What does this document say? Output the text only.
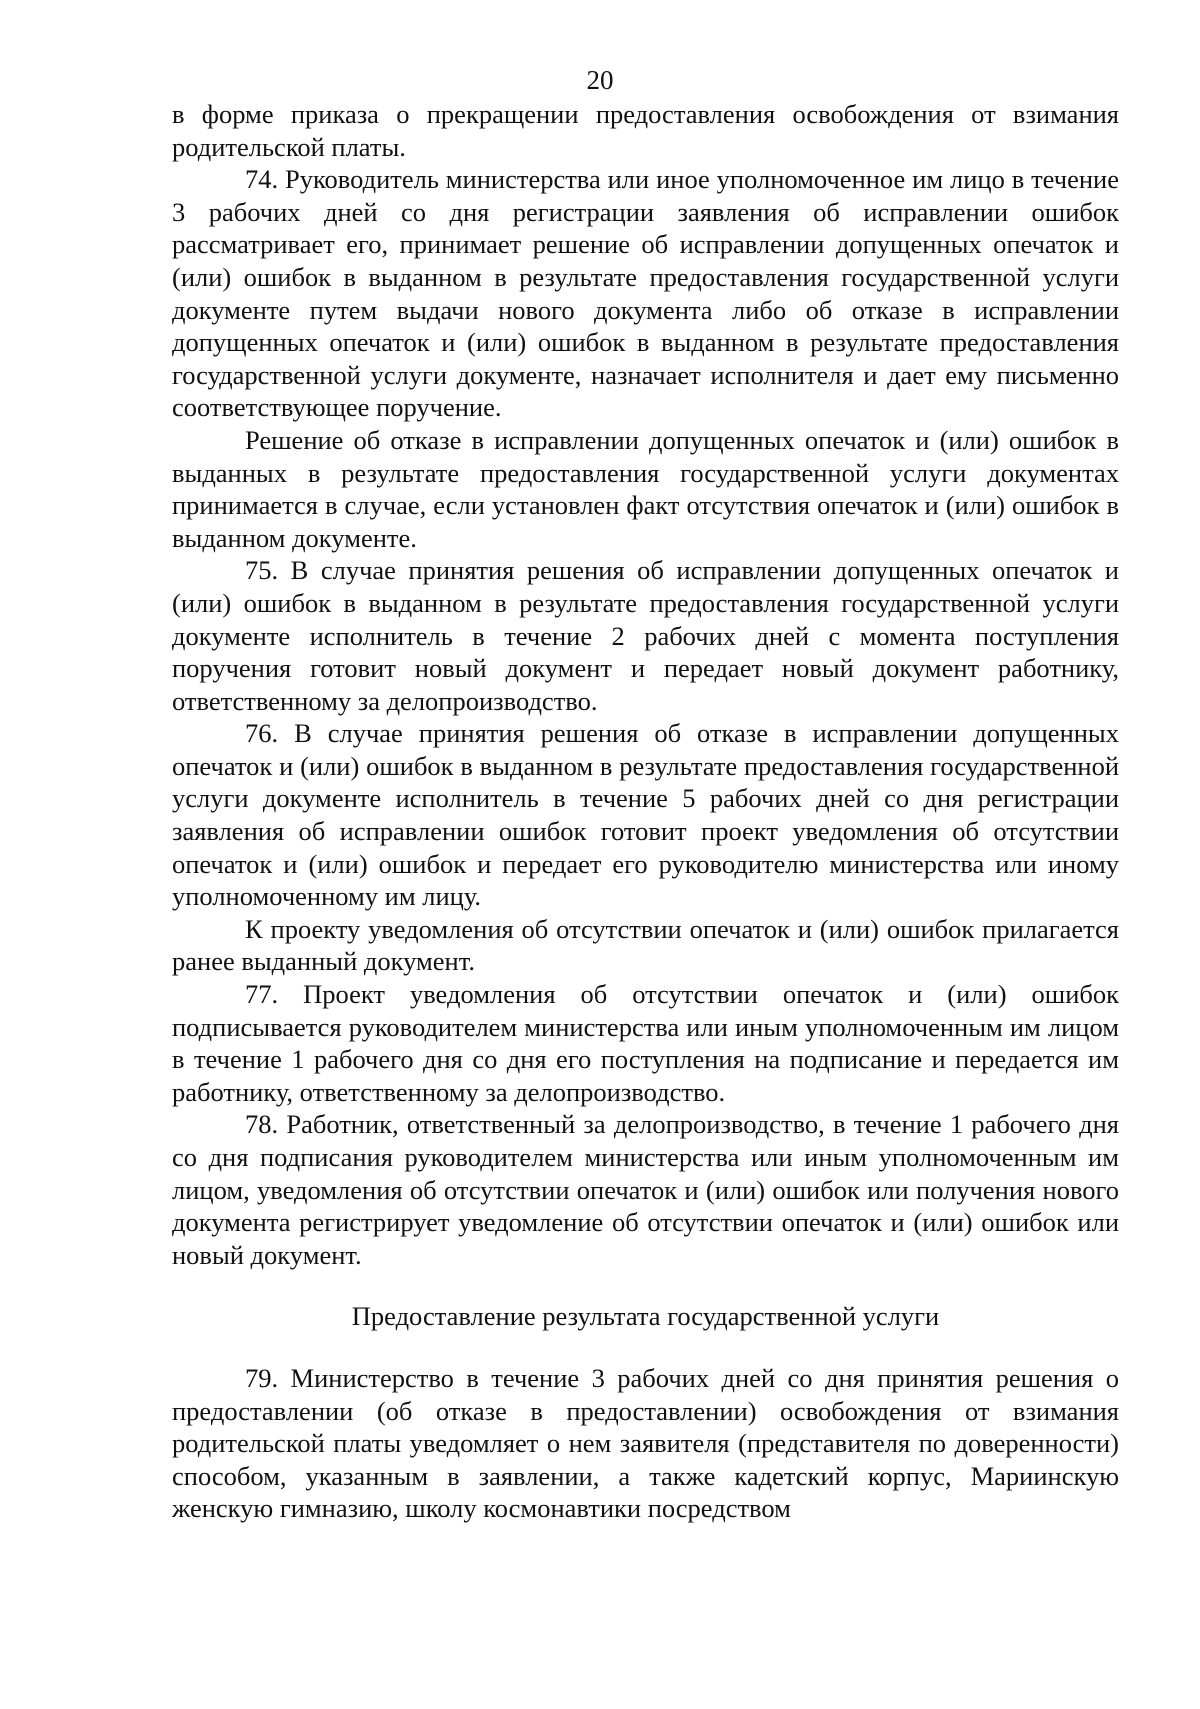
20

в форме приказа о прекращении предоставления освобождения от взимания родительской платы.

74. Руководитель министерства или иное уполномоченное им лицо в течение 3 рабочих дней со дня регистрации заявления об исправлении ошибок рассматривает его, принимает решение об исправлении допущенных опечаток и (или) ошибок в выданном в результате предоставления государственной услуги документе путем выдачи нового документа либо об отказе в исправлении допущенных опечаток и (или) ошибок в выданном в результате предоставления государственной услуги документе, назначает исполнителя и дает ему письменно соответствующее поручение.

Решение об отказе в исправлении допущенных опечаток и (или) ошибок в выданных в результате предоставления государственной услуги документах принимается в случае, если установлен факт отсутствия опечаток и (или) ошибок в выданном документе.

75. В случае принятия решения об исправлении допущенных опечаток и (или) ошибок в выданном в результате предоставления государственной услуги документе исполнитель в течение 2 рабочих дней с момента поступления поручения готовит новый документ и передает новый документ работнику, ответственному за делопроизводство.

76. В случае принятия решения об отказе в исправлении допущенных опечаток и (или) ошибок в выданном в результате предоставления государственной услуги документе исполнитель в течение 5 рабочих дней со дня регистрации заявления об исправлении ошибок готовит проект уведомления об отсутствии опечаток и (или) ошибок и передает его руководителю министерства или иному уполномоченному им лицу.

К проекту уведомления об отсутствии опечаток и (или) ошибок прилагается ранее выданный документ.

77. Проект уведомления об отсутствии опечаток и (или) ошибок подписывается руководителем министерства или иным уполномоченным им лицом в течение 1 рабочего дня со дня его поступления на подписание и передается им работнику, ответственному за делопроизводство.

78. Работник, ответственный за делопроизводство, в течение 1 рабочего дня со дня подписания руководителем министерства или иным уполномоченным им лицом, уведомления об отсутствии опечаток и (или) ошибок или получения нового документа регистрирует уведомление об отсутствии опечаток и (или) ошибок или новый документ.

Предоставление результата государственной услуги

79. Министерство в течение 3 рабочих дней со дня принятия решения о предоставлении (об отказе в предоставлении) освобождения от взимания родительской платы уведомляет о нем заявителя (представителя по доверенности) способом, указанным в заявлении, а также кадетский корпус, Мариинскую женскую гимназию, школу космонавтики посредством
